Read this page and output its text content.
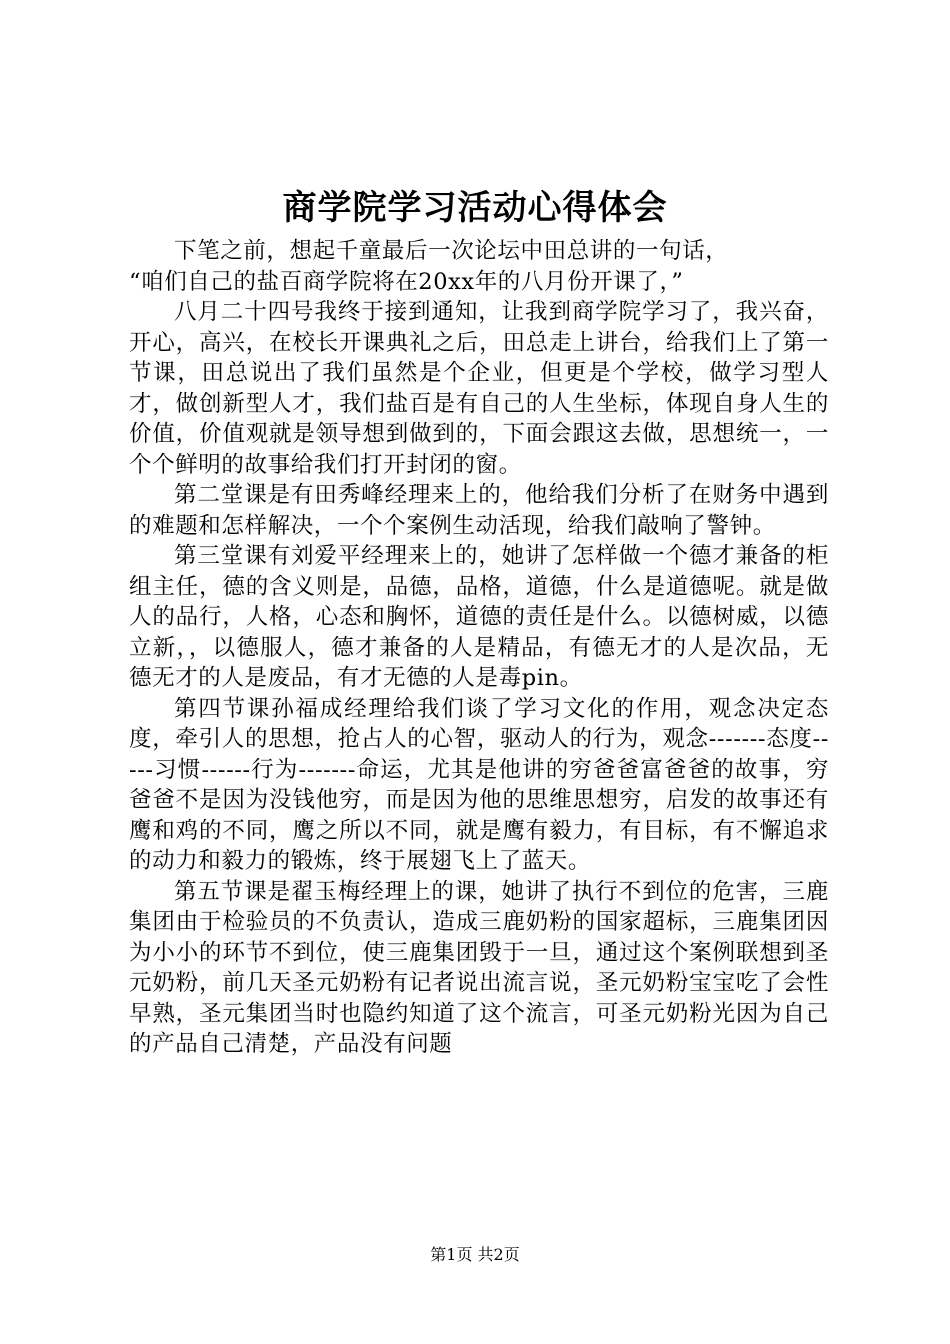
商学院学习活动心得体会

下笔之前，想起千童最后一次论坛中田总讲的一句话，

“咱们自己的盐百商学院将在20xx年的八月份开课了，”

八月二十四号我终于接到通知，让我到商学院学习了，我兴奋，开心，高兴，在校长开课典礼之后，田总走上讲台，给我们上了第一节课，田总说出了我们虽然是个企业，但更是个学校，做学习型人才，做创新型人才，我们盐百是有自己的人生坐标，体现自身人生的价值，价值观就是领导想到做到的，下面会跟这去做，思想统一，一个个鲜明的故事给我们打开封闭的窗。

第二堂课是有田秀峰经理来上的，他给我们分析了在财务中遇到的难题和怎样解决，一个个案例生动活现，给我们敲响了警钟。

第三堂课有刘爱平经理来上的，她讲了怎样做一个德才兼备的柜组主任，德的含义则是，品德，品格，道德，什么是道德呢。就是做人的品行，人格，心态和胸怀，道德的责任是什么。以德树威，以德立新，，以德服人，德才兼备的人是精品，有德无才的人是次品，无德无才的人是废品，有才无德的人是毒pin。

第四节课孙福成经理给我们谈了学习文化的作用，观念决定态度，牵引人的思想，抢占人的心智，驱动人的行为，观念-------态度-----习惯------行为-------命运，尤其是他讲的穷爸爸富爸爸的故事，穷爸爸不是因为没钱他穷，而是因为他的思维思想穷，启发的故事还有鹰和鸡的不同，鹰之所以不同，就是鹰有毅力，有目标，有不懈追求的动力和毅力的锻炼，终于展翅飞上了蓝天。

第五节课是翟玉梅经理上的课，她讲了执行不到位的危害，三鹿集团由于检验员的不负责认，造成三鹿奶粉的国家超标，三鹿集团因为小小的环节不到位，使三鹿集团毁于一旦，通过这个案例联想到圣元奶粉，前几天圣元奶粉有记者说出流言说，圣元奶粉宝宝吃了会性早熟，圣元集团当时也隐约知道了这个流言，可圣元奶粉光因为自己的产品自己清楚，产品没有问题

第1页 共2页
